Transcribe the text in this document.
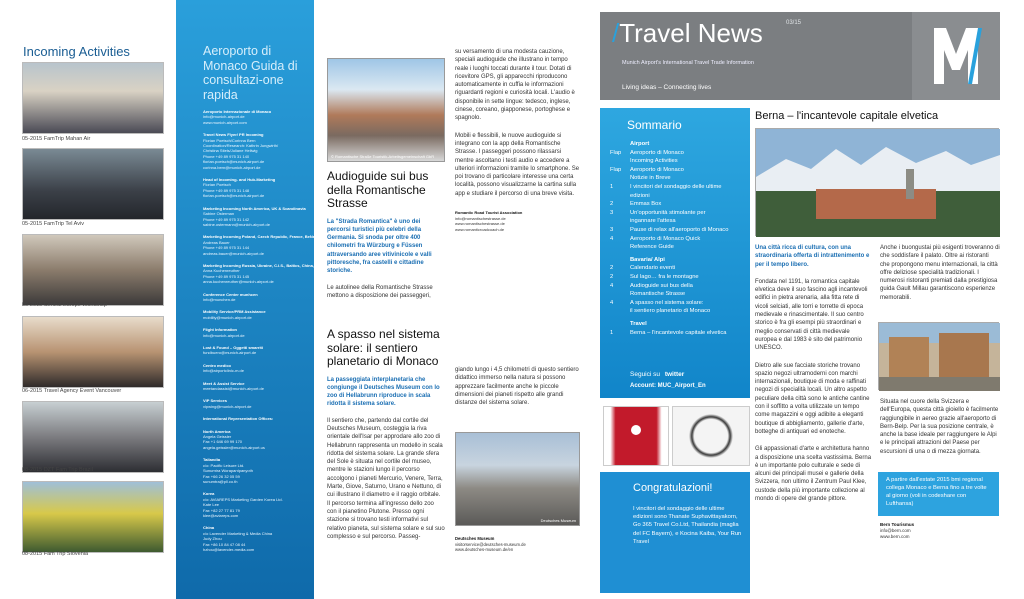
Incoming Activities
05-2015 FamTrip Mahan Air
05-2015 FamTrip Tel Aviv
06-2015 Central Europe Workshop
06-2015 Travel Agency Event Vancouver
08-2015 DZT Fam Trip Brazil
08-2015 Fam Trip Slovenia
Aeroporto di Monaco Guida di consultazi-one rapida
Aeroporto Internazionale di Monaco
info@munich-airport.de
www.munich-airport.com
Travel News Flyer/ PR Incoming
Florian Poetsch/Corinna Bern
Coordination/Research: Kathrin Jungwirth/
Christina Stiels/Juliane Hellwig
Phone +49 89 975 31 140
florian.poetsch@munich-airport.de
corinna.bern@munich-airport.de
Head of Incoming- and Hub-Marketing
Florian Poetsch
Phone +49 89 975 31 148
florian.poetsch@munich-airport.de
Marketing Incoming North America, UK & Scandinavia
Sabine Osterman
Phone +49 89 975 31 142
sabine.ostermann@munich-airport.de
Marketing Incoming Poland, Czech Republic, France, BeNeLux, Italy
Andreas Bauer
Phone +49 89 975 31 144
andreas.bauer@munich-airport.de
Marketing Incoming Russia, Ukraine, C.I.S., Baltics, China, Japan, Korea, India
Anna Kuchenreuther
Phone +49 89 975 31 145
anna.kuchenreuther@munich-airport.de
Conference Center munhcen
info@munchen.de
Mobility Service/PRM Assistance
mobility@munich-airport.de
Flight Information
info@munich-airport.de
Lost & Found – Oggetti smarriti
fundbuero@munich-airport.de
Centro medico
info@airportclinic-m.de
Meet & Assist Service
meetandassist@munich-airport.de
VIP Services
vipwing@munich-airport.de
International Representation Offices:
North America
Angela Geissler
Fax +1 646 69 99 170
angela.geissler@munich-airport.us
Tailandia
c/o: Pacific Leisure Ltd.
Sunumtra Worapantpanyoth
Fax +66 26 32 05 59
sunumtra@pll.co.th
Korea
c/o: AVIAREPS Marketing Garden Korea Ltd.
Kate Lee
Fax +82 27 77 81 79
klee@aviareps.com
China
c/o Lavender Marketing & Media China
Judy Zhou
Fax +86 10 84 47 08 44
hzhou@lavender-media.com
© Romantische Straße Touristik-Arbeitsgemeinschaft GbR
Audioguide sui bus della Romantische Strasse

La "Strada Romantica" è uno dei percorsi turistici più celebri della Germania. Si snoda per oltre 400 chilometri fra Würzburg e Füssen attraversando aree vitivinicole e valli pittoresche, fra castelli e cittadine storiche.

Le autolinee della Romantische Strasse mettono a disposizione dei passeggeri,

A spasso nel sistema solare: il sentiero planetario di Monaco

La passeggiata interplanetaria che congiunge il Deutsches Museum con lo zoo di Hellabrunn riproduce in scala ridotta il sistema solare.

Il sentiero che, partendo dal cortile del Deutsches Museum, costeggia la riva orientale dell'Isar per approdare allo zoo di Hellabrunn rappresenta un modello in scala ridotta del sistema solare. La grande sfera del Sole è situata nel cortile del museo, mentre le stazioni lungo il percorso accolgono i pianeti Mercurio, Venere, Terra, Marte, Giove, Saturno, Urano e Nettuno, di cui illustrano il diametro e il raggio orbitale. Il percorso termina all'ingresso dello zoo con il pianetino Plutone. Presso ogni stazione si trovano testi informativi sul relativo pianeta, sul sistema solare e sul suo complesso e sul percorso. Passeg-

su versamento di una modesta cauzione, speciali audioguide che illustrano in tempo reale i luoghi toccati durante il tour. Dotati di ricevitore GPS, gli apparecchi riproducono automaticamente in cuffia le informazioni riguardanti regioni e curiosità locali. L'audio è disponibile in sette lingue: tedesco, inglese, cinese, coreano, giapponese, portoghese e spagnolo.

Mobili e flessibili, le nuove audioguide si integrano con la app della Romantische Strasse. I passeggeri possono rilassarsi mentre ascoltano i testi audio e accedere a ulteriori informazioni tramite lo smartphone. Se poi trovano di particolare interesse una certa località, possono visualizzarne la cartina sulla app e studiare il percorso di una breve visita.

Romantic Road Tourist Association
info@romantischestrasse.de
www.romantischestrasse.de
www.romanticroadcoach.de

giando lungo i 4,5 chilometri di questo sentiero didattico immerso nella natura si possono apprezzare facilmente anche le piccole dimensioni dei pianeti rispetto alle grandi distanze del sistema solare.

Deutsches Museum
Deutsches Museum
visitorservice@deutsches-museum.de
www.deutsches-museum.de/en
/Travel News	03/15
Munich Airport's International Travel Trade Information
Living ideas – Connecting lives
Sommario
Airport
Flap	Aeroporto di Monaco
Incoming Activities
Flap	Aeroporto di Monaco
Notizie in Breve
1	I vincitori del sondaggio delle ultime
edizioni
2	Emmas Box
3	Un'opportunità stimolante per
ingannare l'attesa
3	Pause di relax all'aeroporto di Monaco
4	Aeroporto di Monaco Quick
Reference Guide
Bavaria/ Alpi
2	Calendario eventi
2	Sul lago… fra le montagne
4	Audioguide sui bus della
Romantische Strasse
4	A spasso nel sistema solare:
il sentiero planetario di Monaco
Travel
1	Berna – l'incantevole capitale elvetica
Seguici su twitter
Account: MUC_Airport_En
Congratulazioni!
I vincitori del sondaggio delle ultime edizioni sono Thanate Suphavittayakorn, Go 365 Travel Co.Ltd, Thailandia (maglia del FC Bayern), e Kocina Kaiba, Your Run Travel
Berna – l'incantevole capitale elvetica

Una città ricca di cultura, con una straordinaria offerta di intrattenimento e per il tempo libero.

Fondata nel 1191, la romantica capitale elvetica deve il suo fascino agli incantevoli edifici in pietra arenaria, alla fitta rete di vicoli selciati, alle torri e torrette di epoca medievale e rinascimentale. Il suo centro storico è fra gli esempi più straordinari e meglio conservati di città medievale europea e dal 1983 è sito del patrimonio UNESCO.

Dietro alle sue facciate storiche trovano spazio negozi ultramoderni con marchi internazionali, boutique di moda e raffinati negozi di specialità locali. Un altro aspetto peculiare della città sono le antiche cantine con il soffitto a volta utilizzate un tempo come magazzini e oggi adibite a eleganti boutique di abbigliamento, gallerie d'arte, botteghe di antiquari ed enoteche.

Gli appassionati d'arte e architettura hanno a disposizione una scelta vastissima. Berna è un importante polo culturale e sede di alcuni dei principali musei e gallerie della Svizzera, non ultimo il Zentrum Paul Klee, custode della più importante collezione al mondo di opere del grande pittore.

Anche i buongustai più esigenti troveranno di che soddisfare il palato. Oltre ai ristoranti che propongono menu internazionali, la città offre deliziose specialità tradizionali. I numerosi ristoranti premiati dalla prestigiosa guida Gault Millau garantiscono esperienze memorabili.

Situata nel cuore della Svizzera e dell'Europa, questa città gioiello è facilmente raggiungibile in aereo grazie all'aeroporto di Bern-Belp. Per la sua posizione centrale, è anche la base ideale per raggiungere le Alpi e le principali attrazioni del Paese per escursioni di una o di mezza giornata.

A partire dall'estate 2015 bmi regional collega Monaco e Berna fino a tre volte al giorno (voli in codeshare con Lufthansa)
Bern Tourismus
info@bern.com
www.bern.com
